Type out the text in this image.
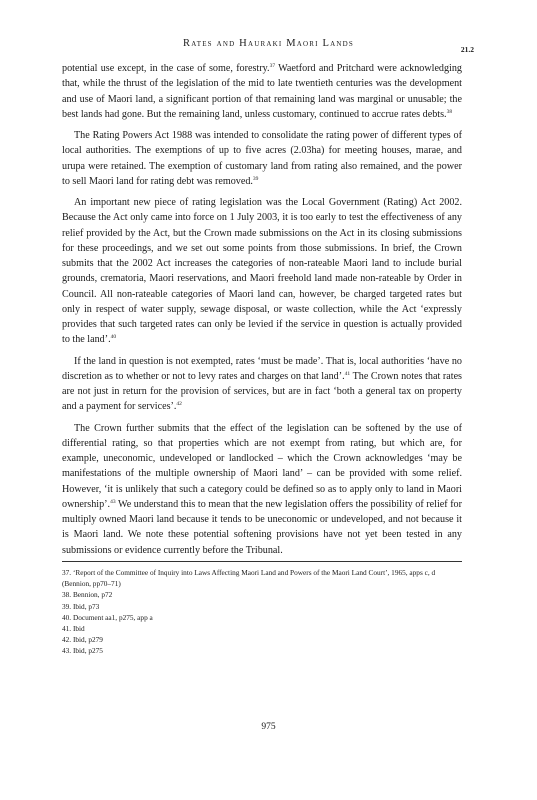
Rates and Hauraki Maori Lands
21.2

potential use except, in the case of some, forestry.$^{37}$ Waetford and Pritchard were acknowledging that, while the thrust of the legislation of the mid to late twentieth centuries was the development and use of Maori land, a significant portion of that remaining land was marginal or unusable; the best lands had gone. But the remaining land, unless customary, continued to accrue rates debts.$^{38}$

The Rating Powers Act 1988 was intended to consolidate the rating power of different types of local authorities. The exemptions of up to five acres (2.03ha) for meeting houses, marae, and urupa were retained. The exemption of customary land from rating also remained, and the power to sell Maori land for rating debt was removed.$^{39}$

An important new piece of rating legislation was the Local Government (Rating) Act 2002. Because the Act only came into force on 1 July 2003, it is too early to test the effectiveness of any relief provided by the Act, but the Crown made submissions on the Act in its closing submissions for these proceedings, and we set out some points from those submissions. In brief, the Crown submits that the 2002 Act increases the categories of non-rateable Maori land to include burial grounds, crematoria, Maori reservations, and Maori freehold land made non-rateable by Order in Council. All non-rateable categories of Maori land can, however, be charged targeted rates but only in respect of water supply, sewage disposal, or waste collection, while the Act ‘expressly provides that such targeted rates can only be levied if the service in question is actually provided to the land’.$^{40}$

If the land in question is not exempted, rates ‘must be made’. That is, local authorities ‘have no discretion as to whether or not to levy rates and charges on that land’.$^{41}$ The Crown notes that rates are not just in return for the provision of services, but are in fact ‘both a general tax on property and a payment for services’.$^{42}$

The Crown further submits that the effect of the legislation can be softened by the use of differential rating, so that properties which are not exempt from rating, but which are, for example, uneconomic, undeveloped or landlocked – which the Crown acknowledges ‘may be manifestations of the multiple ownership of Maori land’ – can be provided with some relief. However, ‘it is unlikely that such a category could be defined so as to apply only to land in Maori ownership’.$^{43}$ We understand this to mean that the new legislation offers the possibility of relief for multiply owned Maori land because it tends to be uneconomic or undeveloped, and not because it is Maori land. We note these potential softening provisions have not yet been tested in any submissions or evidence currently before the Tribunal.

37. ‘Report of the Committee of Inquiry into Laws Affecting Maori Land and Powers of the Maori Land Court’, 1965, apps c, d (Bennion, pp70–71)
38. Bennion, p72
39. Ibid, p73
40. Document aa1, p275, app a
41. Ibid
42. Ibid, p279
43. Ibid, p275
975
